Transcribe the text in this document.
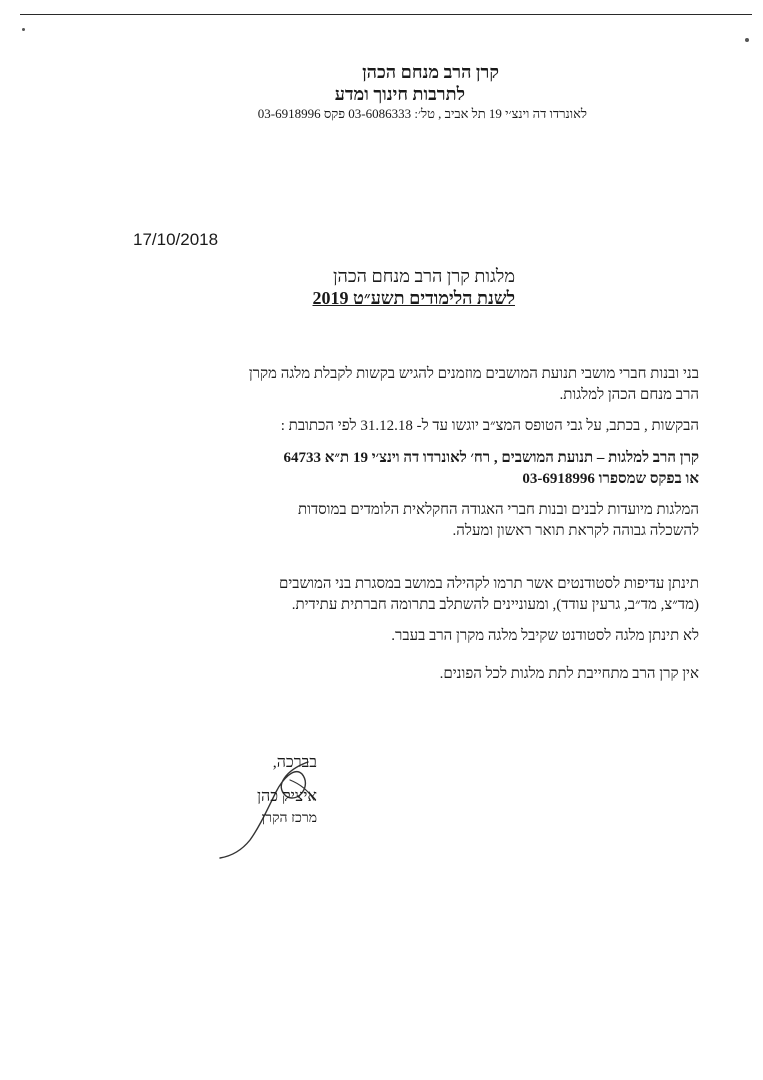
קרן הרב מנחם הכהן
לתרבות חינוך ומדע
לאונרדו דה וינצ׳י 19 תל אביב , טל׳: 03-6086333 פקס 03-6918996
17/10/2018
מלגות קרן הרב מנחם הכהן
לשנת הלימודים תשע״ט 2019
בני ובנות חברי מושבי תנועת המושבים מוזמנים להגיש בקשות לקבלת מלגה מקרן
הרב מנחם הכהן למלגות.
הבקשות , בכתב, על גבי הטופס המצ״ב יוגשו עד ל- 31.12.18 לפי הכתובת :
קרן הרב למלגות – תנועת המושבים , רח׳ לאונרדו דה וינצ׳י 19 ת״א 64733
או בפקס שמספרו 03-6918996
המלגות מיועדות לבנים ובנות חברי האגודה החקלאית הלומדים במוסדות
להשכלה גבוהה לקראת תואר ראשון ומעלה.
תינתן עדיפות לסטודנטים אשר תרמו לקהילה במושב במסגרת בני המושבים
(מד״צ, מד״ב, גרעין עודד), ומעוניינים להשתלב בתרומה חברתית עתידית.
לא תינתן מלגה לסטודנט שקיבל מלגה מקרן הרב בעבר.
אין קרן הרב מתחייבת לתת מלגות לכל הפונים.
בברכה,
איציק כהן
מרכז הקרן
